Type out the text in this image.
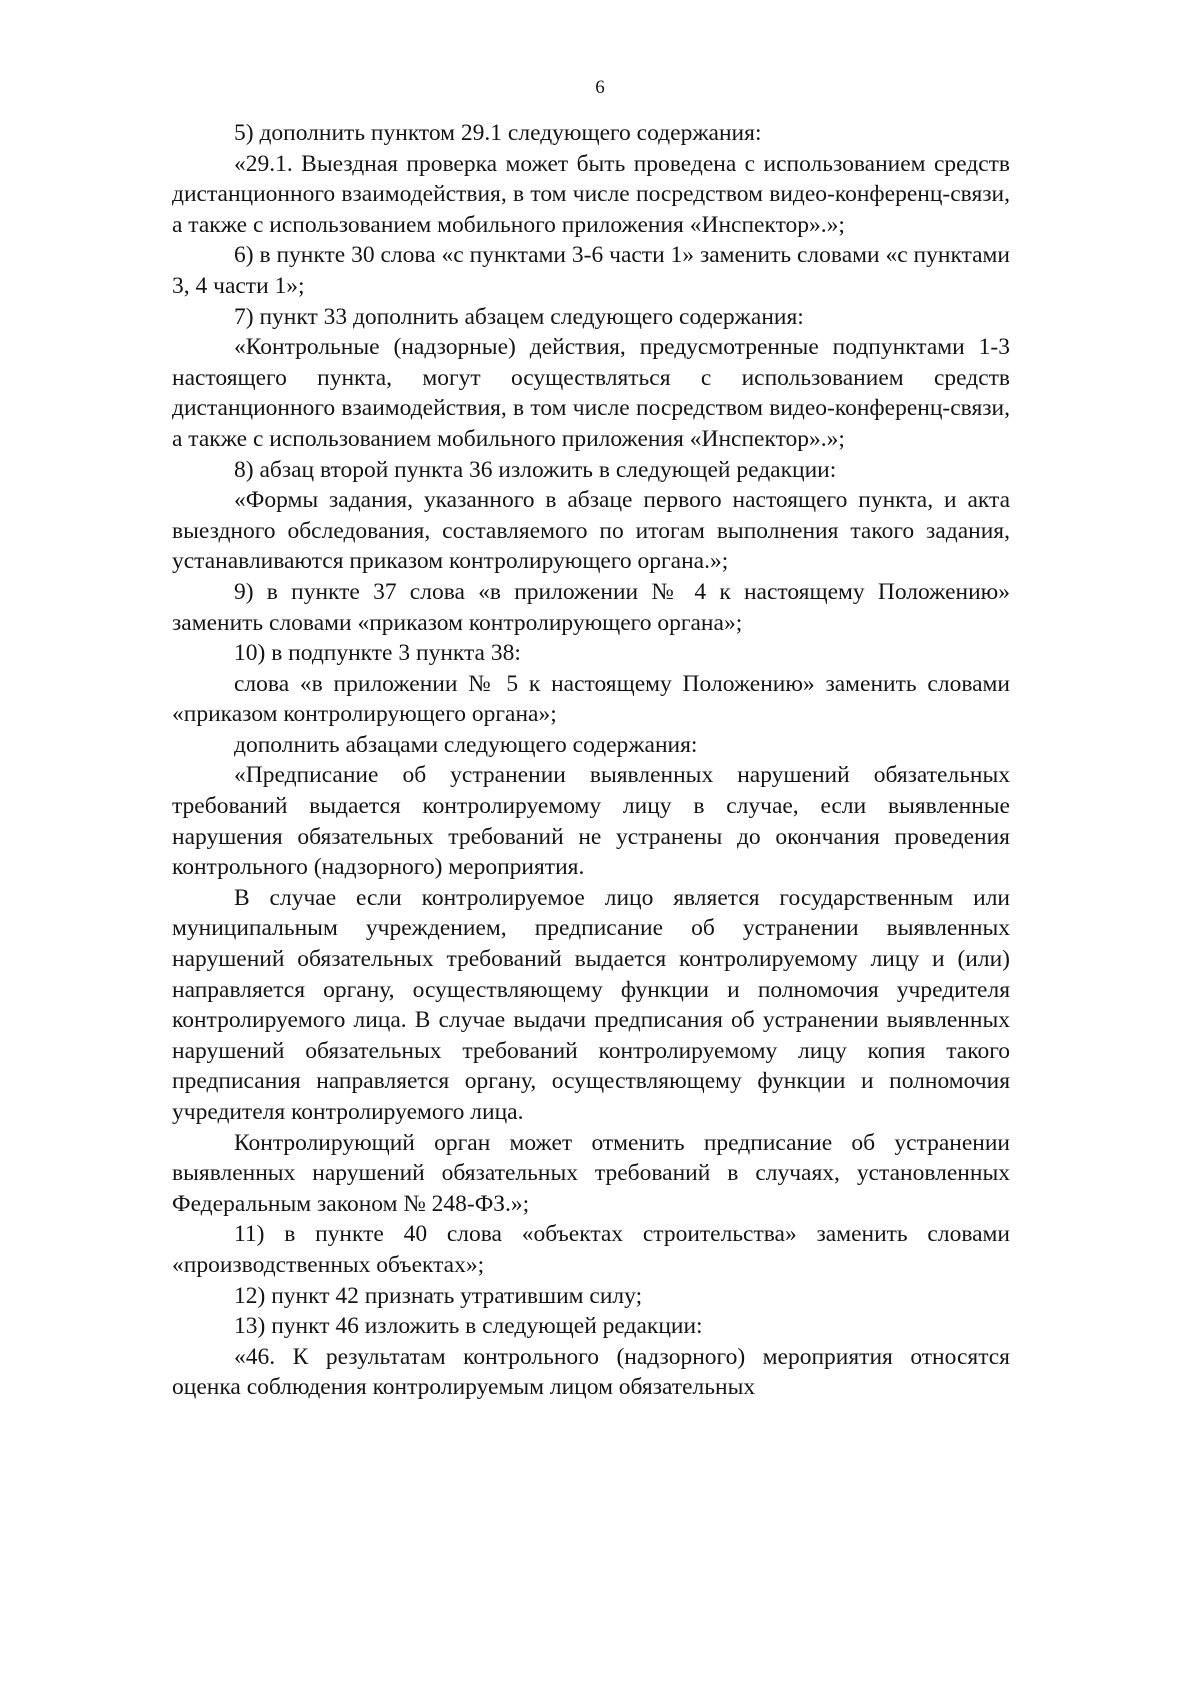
6

5) дополнить пунктом 29.1 следующего содержания:

«29.1. Выездная проверка может быть проведена с использованием средств дистанционного взаимодействия, в том числе посредством видео-конференц-связи, а также с использованием мобильного приложения «Инспектор».»;

6) в пункте 30 слова «с пунктами 3-6 части 1» заменить словами «с пунктами 3, 4 части 1»;

7) пункт 33 дополнить абзацем следующего содержания:

«Контрольные (надзорные) действия, предусмотренные подпунктами 1-3 настоящего пункта, могут осуществляться с использованием средств дистанционного взаимодействия, в том числе посредством видео-конференц-связи, а также с использованием мобильного приложения «Инспектор».»;

8) абзац второй пункта 36 изложить в следующей редакции:

«Формы задания, указанного в абзаце первого настоящего пункта, и акта выездного обследования, составляемого по итогам выполнения такого задания, устанавливаются приказом контролирующего органа.»;

9) в пункте 37 слова «в приложении № 4 к настоящему Положению» заменить словами «приказом контролирующего органа»;

10) в подпункте 3 пункта 38:

слова «в приложении № 5 к настоящему Положению» заменить словами «приказом контролирующего органа»;

дополнить абзацами следующего содержания:

«Предписание об устранении выявленных нарушений обязательных требований выдается контролируемому лицу в случае, если выявленные нарушения обязательных требований не устранены до окончания проведения контрольного (надзорного) мероприятия.

В случае если контролируемое лицо является государственным или муниципальным учреждением, предписание об устранении выявленных нарушений обязательных требований выдается контролируемому лицу и (или) направляется органу, осуществляющему функции и полномочия учредителя контролируемого лица. В случае выдачи предписания об устранении выявленных нарушений обязательных требований контролируемому лицу копия такого предписания направляется органу, осуществляющему функции и полномочия учредителя контролируемого лица.

Контролирующий орган может отменить предписание об устранении выявленных нарушений обязательных требований в случаях, установленных Федеральным законом № 248-ФЗ.»;

11) в пункте 40 слова «объектах строительства» заменить словами «производственных объектах»;

12) пункт 42 признать утратившим силу;

13) пункт 46 изложить в следующей редакции:

«46. К результатам контрольного (надзорного) мероприятия относятся оценка соблюдения контролируемым лицом обязательных
